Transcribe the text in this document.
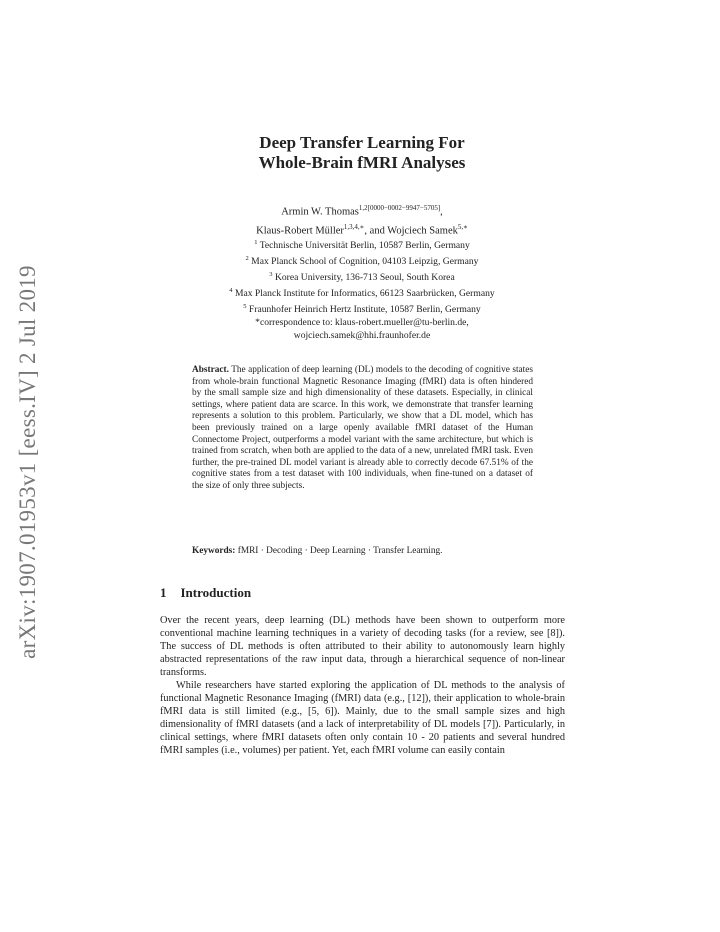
arXiv:1907.01953v1 [eess.IV] 2 Jul 2019
Deep Transfer Learning For
Whole-Brain fMRI Analyses
Armin W. Thomas$^{1,2[0000-0002-9947-5705]}$,
Klaus-Robert Müller$^{1,3,4,∗}$, and Wojciech Samek$^{5,∗}$
$^1$ Technische Universität Berlin, 10587 Berlin, Germany
$^2$ Max Planck School of Cognition, 04103 Leipzig, Germany
$^3$ Korea University, 136-713 Seoul, South Korea
$^4$ Max Planck Institute for Informatics, 66123 Saarbrücken, Germany
$^5$ Fraunhofer Heinrich Hertz Institute, 10587 Berlin, Germany
*correspondence to: klaus-robert.mueller@tu-berlin.de,
wojciech.samek@hhi.fraunhofer.de
Abstract. The application of deep learning (DL) models to the decoding of cognitive states from whole-brain functional Magnetic Resonance Imaging (fMRI) data is often hindered by the small sample size and high dimensionality of these datasets. Especially, in clinical settings, where patient data are scarce. In this work, we demonstrate that transfer learning represents a solution to this problem. Particularly, we show that a DL model, which has been previously trained on a large openly available fMRI dataset of the Human Connectome Project, outperforms a model variant with the same architecture, but which is trained from scratch, when both are applied to the data of a new, unrelated fMRI task. Even further, the pre-trained DL model variant is already able to correctly decode 67.51% of the cognitive states from a test dataset with 100 individuals, when fine-tuned on a dataset of the size of only three subjects.
Keywords: fMRI · Decoding · Deep Learning · Transfer Learning.
1 Introduction

Over the recent years, deep learning (DL) methods have been shown to outperform more conventional machine learning techniques in a variety of decoding tasks (for a review, see [8]). The success of DL methods is often attributed to their ability to autonomously learn highly abstracted representations of the raw input data, through a hierarchical sequence of non-linear transforms.

While researchers have started exploring the application of DL methods to the analysis of functional Magnetic Resonance Imaging (fMRI) data (e.g., [12]), their application to whole-brain fMRI data is still limited (e.g., [5, 6]). Mainly, due to the small sample sizes and high dimensionality of fMRI datasets (and a lack of interpretability of DL models [7]). Particularly, in clinical settings, where fMRI datasets often only contain 10 - 20 patients and several hundred fMRI samples (i.e., volumes) per patient. Yet, each fMRI volume can easily contain
